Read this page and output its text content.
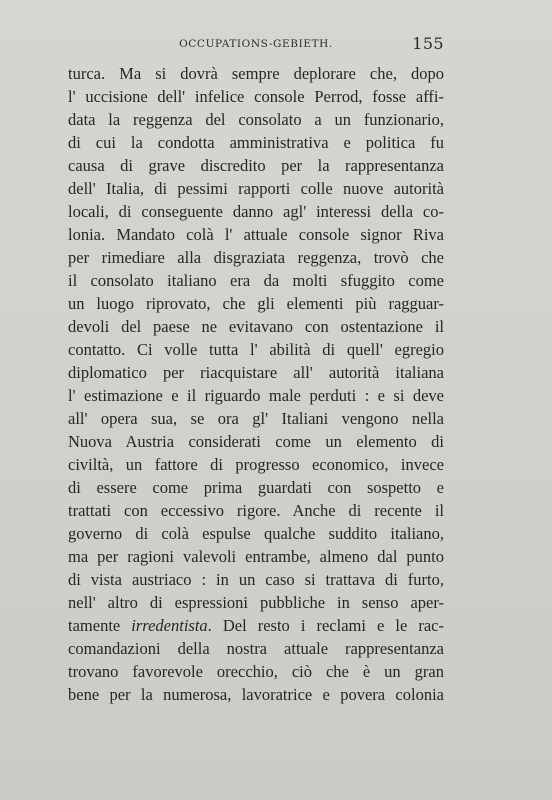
OCCUPATIONS-GEBIETH.	155
turca. Ma si dovrà sempre deplorare che, dopo
l' uccisione dell' infelice console Perrod, fosse affi-
data la reggenza del consolato a un funzionario,
di cui la condotta amministrativa e politica fu
causa di grave discredito per la rappresentanza
dell' Italia, di pessimi rapporti colle nuove autorità
locali, di conseguente danno agl' interessi della co-
lonia. Mandato colà l' attuale console signor Riva
per rimediare alla disgraziata reggenza, trovò che
il consolato italiano era da molti sfuggito come
un luogo riprovato, che gli elementi più ragguar-
devoli del paese ne evitavano con ostentazione il
contatto. Ci volle tutta l' abilità di quell' egregio
diplomatico per riacquistare all' autorità italiana
l' estimazione e il riguardo male perduti : e si deve
all' opera sua, se ora gl' Italiani vengono nella
Nuova Austria considerati come un elemento di
civiltà, un fattore di progresso economico, invece
di essere come prima guardati con sospetto e
trattati con eccessivo rigore. Anche di recente il
governo di colà espulse qualche suddito italiano,
ma per ragioni valevoli entrambe, almeno dal punto
di vista austriaco : in un caso si trattava di furto,
nell' altro di espressioni pubbliche in senso aper-
tamente irredentista. Del resto i reclami e le rac-
comandazioni della nostra attuale rappresentanza
trovano favorevole orecchio, ciò che è un gran
bene per la numerosa, lavoratrice e povera colonia
